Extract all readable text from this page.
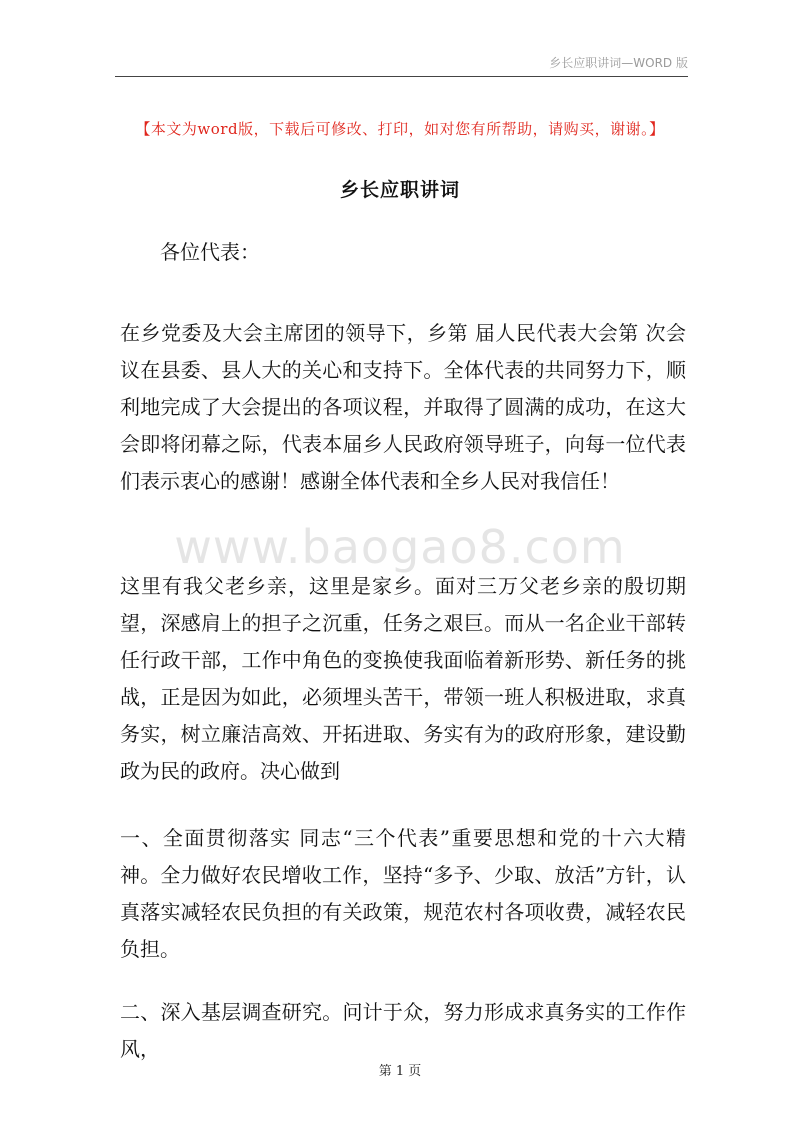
乡长应职讲词—WORD 版
【本文为word版，下载后可修改、打印，如对您有所帮助，请购买，谢谢。】
乡长应职讲词
各位代表：

在乡党委及大会主席团的领导下，乡第 届人民代表大会第 次会议在县委、县人大的关心和支持下。全体代表的共同努力下，顺利地完成了大会提出的各项议程，并取得了圆满的成功，在这大会即将闭幕之际，代表本届乡人民政府领导班子，向每一位代表们表示衷心的感谢！感谢全体代表和全乡人民对我信任！

这里有我父老乡亲，这里是家乡。面对三万父老乡亲的殷切期望，深感肩上的担子之沉重，任务之艰巨。而从一名企业干部转任行政干部，工作中角色的变换使我面临着新形势、新任务的挑战，正是因为如此，必须埋头苦干，带领一班人积极进取，求真务实，树立廉洁高效、开拓进取、务实有为的政府形象，建设勤政为民的政府。决心做到

一、全面贯彻落实 同志“三个代表”重要思想和党的十六大精神。全力做好农民增收工作，坚持“多予、少取、放活”方针，认真落实减轻农民负担的有关政策，规范农村各项收费，减轻农民负担。

二、深入基层调查研究。问计于众，努力形成求真务实的工作作风，

www.baogao8.com
第 1 页
